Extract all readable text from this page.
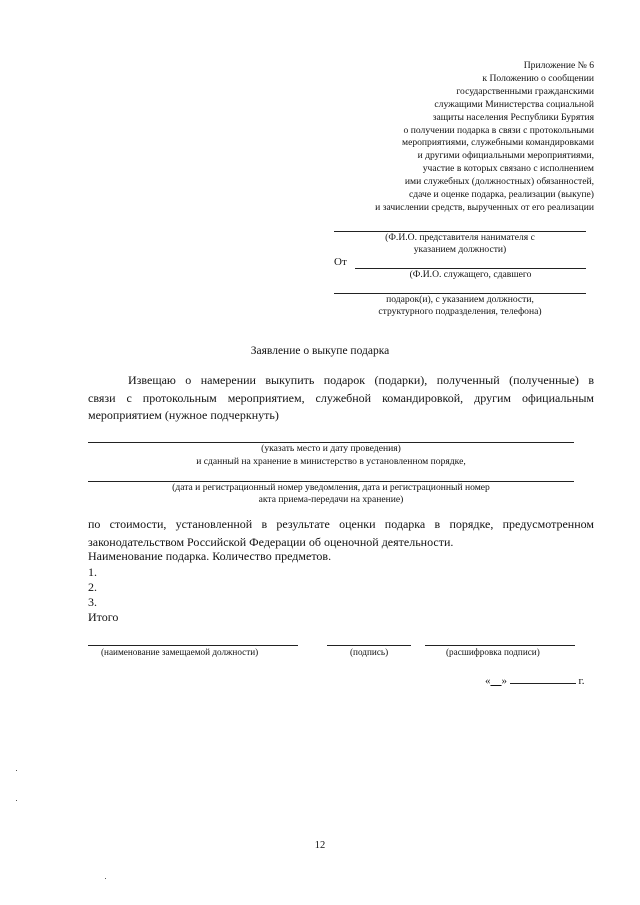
Приложение № 6
к Положению о сообщении
государственными гражданскими
служащими Министерства социальной
защиты населения Республики Бурятия
о получении подарка в связи с протокольными
мероприятиями, служебными командировками
и другими официальными мероприятиями,
участие в которых связано с исполнением
ими служебных (должностных) обязанностей,
сдаче и оценке подарка, реализации (выкупе)
и зачислении средств, вырученных от его реализации
(Ф.И.О. представителя нанимателя с
указанием должности)
От
(Ф.И.О. служащего, сдавшего
подарок(и), с указанием должности,
структурного подразделения, телефона)
Заявление о выкупе подарка
Извещаю о намерении выкупить подарок (подарки), полученный (полученные) в
связи с протокольным мероприятием, служебной командировкой, другим официальным
мероприятием (нужное подчеркнуть)
(указать место и дату проведения)
и сданный на хранение в министерство в установленном порядке,
(дата и регистрационный номер уведомления, дата и регистрационный номер
акта приема-передачи на хранение)
по стоимости, установленной в результате оценки подарка в порядке, предусмотренном
законодательством Российской Федерации об оценочной деятельности.
Наименование подарка. Количество предметов.
1.
2.
3.
Итого
(наименование замещаемой должности)	(подпись)	(расшифровка подписи)
«__»	г.
12
